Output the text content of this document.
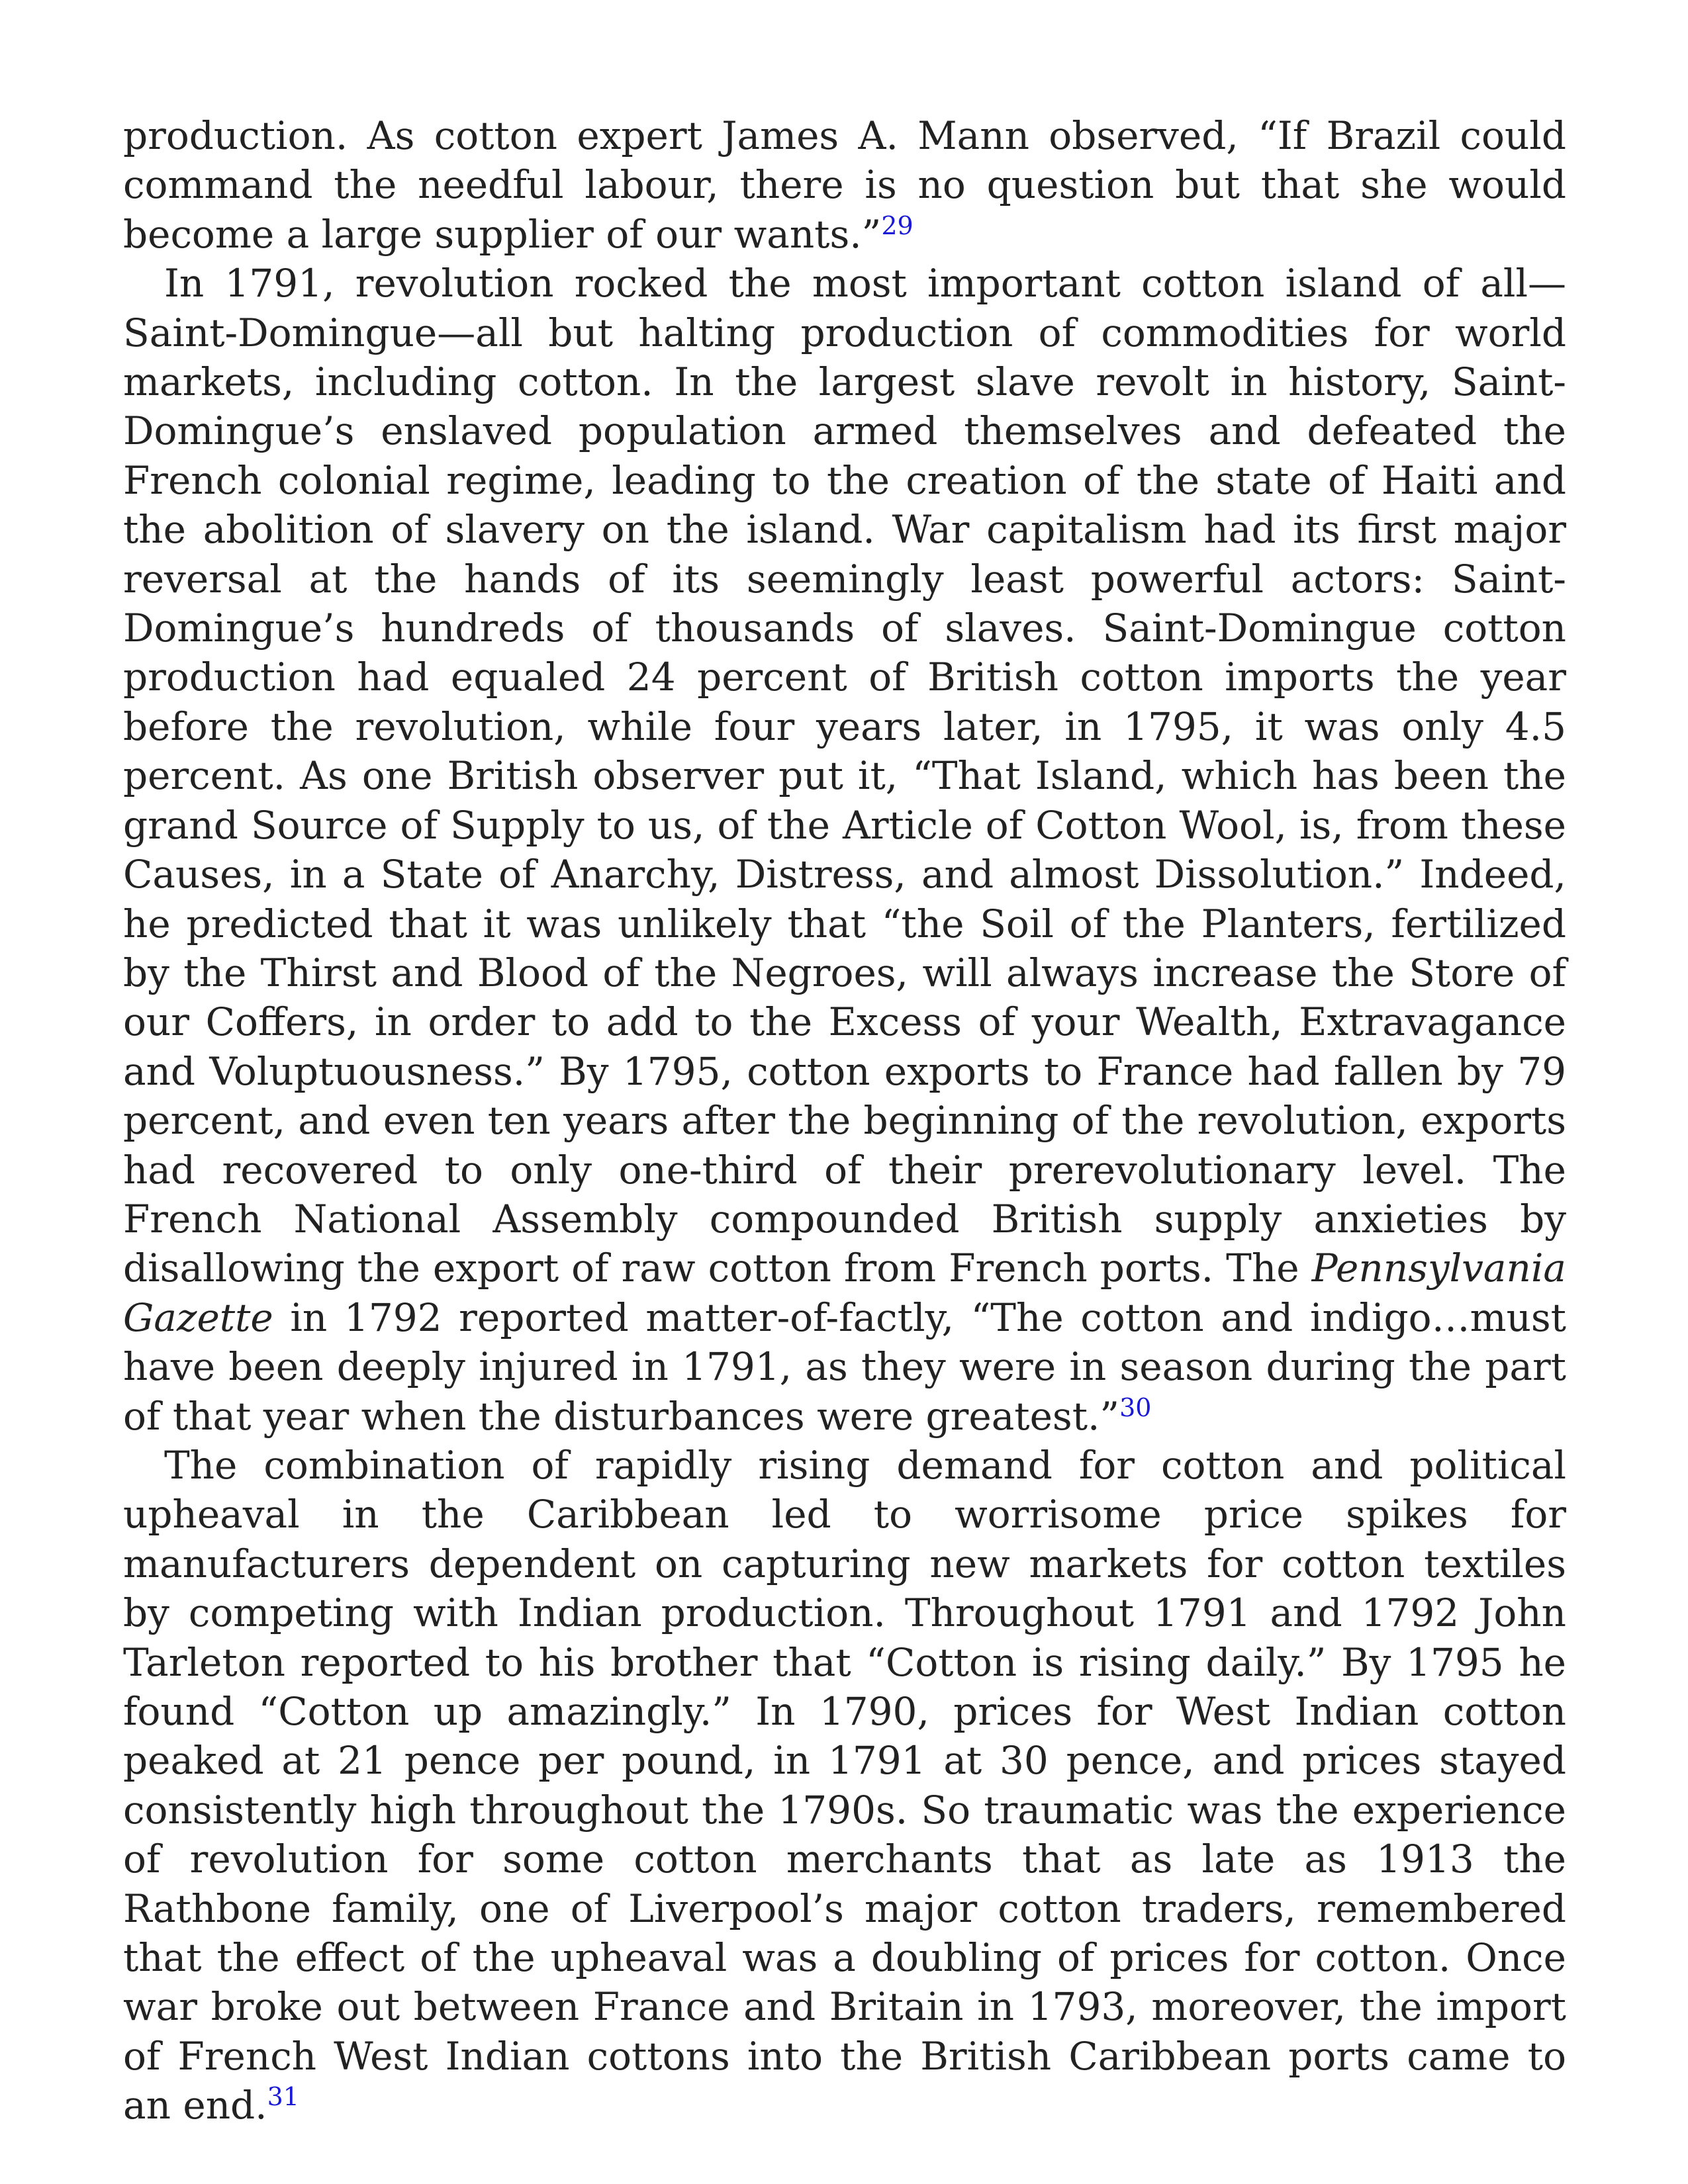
production. As cotton expert James A. Mann observed, “If Brazil could command the needful labour, there is no question but that she would become a large supplier of our wants.”$^{29}$

In 1791, revolution rocked the most important cotton island of all—Saint-Domingue—all but halting production of commodities for world markets, including cotton. In the largest slave revolt in history, Saint-Domingue’s enslaved population armed themselves and defeated the French colonial regime, leading to the creation of the state of Haiti and the abolition of slavery on the island. War capitalism had its first major reversal at the hands of its seemingly least powerful actors: Saint-Domingue’s hundreds of thousands of slaves. Saint-Domingue cotton production had equaled 24 percent of British cotton imports the year before the revolution, while four years later, in 1795, it was only 4.5 percent. As one British observer put it, “That Island, which has been the grand Source of Supply to us, of the Article of Cotton Wool, is, from these Causes, in a State of Anarchy, Distress, and almost Dissolution.” Indeed, he predicted that it was unlikely that “the Soil of the Planters, fertilized by the Thirst and Blood of the Negroes, will always increase the Store of our Coffers, in order to add to the Excess of your Wealth, Extravagance and Voluptuousness.” By 1795, cotton exports to France had fallen by 79 percent, and even ten years after the beginning of the revolution, exports had recovered to only one-third of their prerevolutionary level. The French National Assembly compounded British supply anxieties by disallowing the export of raw cotton from French ports. The Pennsylvania Gazette in 1792 reported matter-of-factly, “The cotton and indigo…must have been deeply injured in 1791, as they were in season during the part of that year when the disturbances were greatest.”$^{30}$

The combination of rapidly rising demand for cotton and political upheaval in the Caribbean led to worrisome price spikes for manufacturers dependent on capturing new markets for cotton textiles by competing with Indian production. Throughout 1791 and 1792 John Tarleton reported to his brother that “Cotton is rising daily.” By 1795 he found “Cotton up amazingly.” In 1790, prices for West Indian cotton peaked at 21 pence per pound, in 1791 at 30 pence, and prices stayed consistently high throughout the 1790s. So traumatic was the experience of revolution for some cotton merchants that as late as 1913 the Rathbone family, one of Liverpool’s major cotton traders, remembered that the effect of the upheaval was a doubling of prices for cotton. Once war broke out between France and Britain in 1793, moreover, the import of French West Indian cottons into the British Caribbean ports came to an end.$^{31}$
